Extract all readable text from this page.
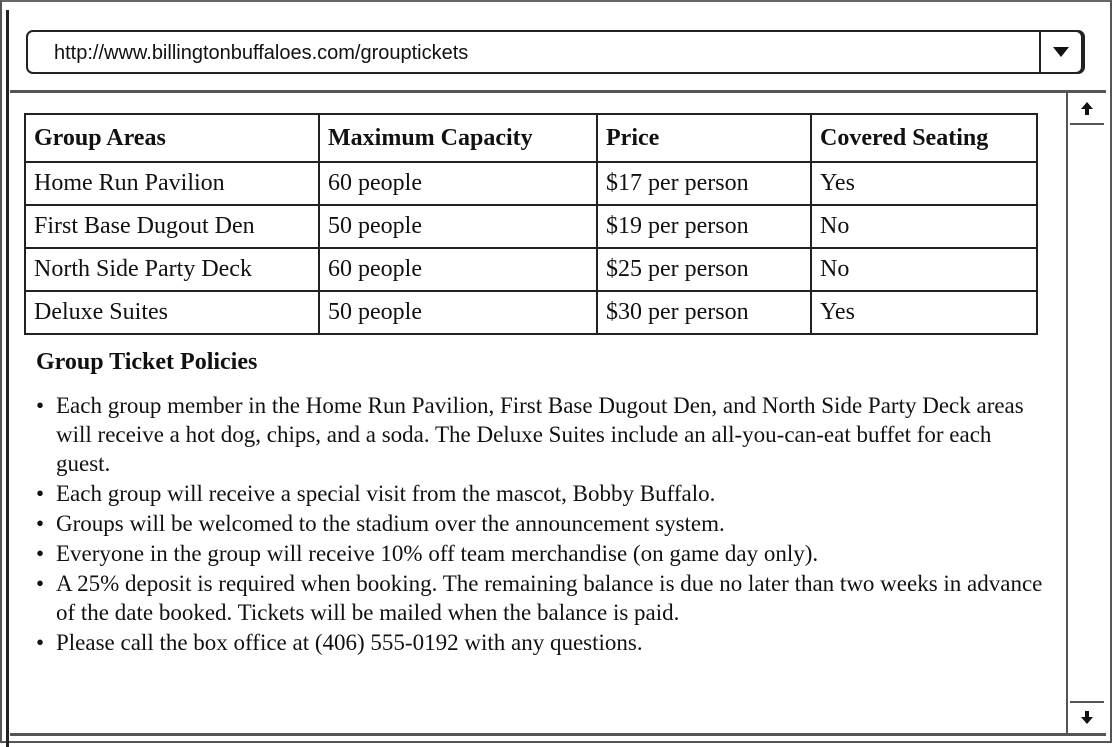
http://www.billingtonbuffaloes.com/grouptickets
Group Areas	Maximum Capacity	Price	Covered Seating
Home Run Pavilion	60 people	$17 per person	Yes
First Base Dugout Den	50 people	$19 per person	No
North Side Party Deck	60 people	$25 per person	No
Deluxe Suites	50 people	$30 per person	Yes
Group Ticket Policies
• Each group member in the Home Run Pavilion, First Base Dugout Den, and North Side Party Deck areas will receive a hot dog, chips, and a soda. The Deluxe Suites include an all-you-can-eat buffet for each guest.
• Each group will receive a special visit from the mascot, Bobby Buffalo.
• Groups will be welcomed to the stadium over the announcement system.
• Everyone in the group will receive 10% off team merchandise (on game day only).
• A 25% deposit is required when booking. The remaining balance is due no later than two weeks in advance of the date booked. Tickets will be mailed when the balance is paid.
• Please call the box office at (406) 555-0192 with any questions.
